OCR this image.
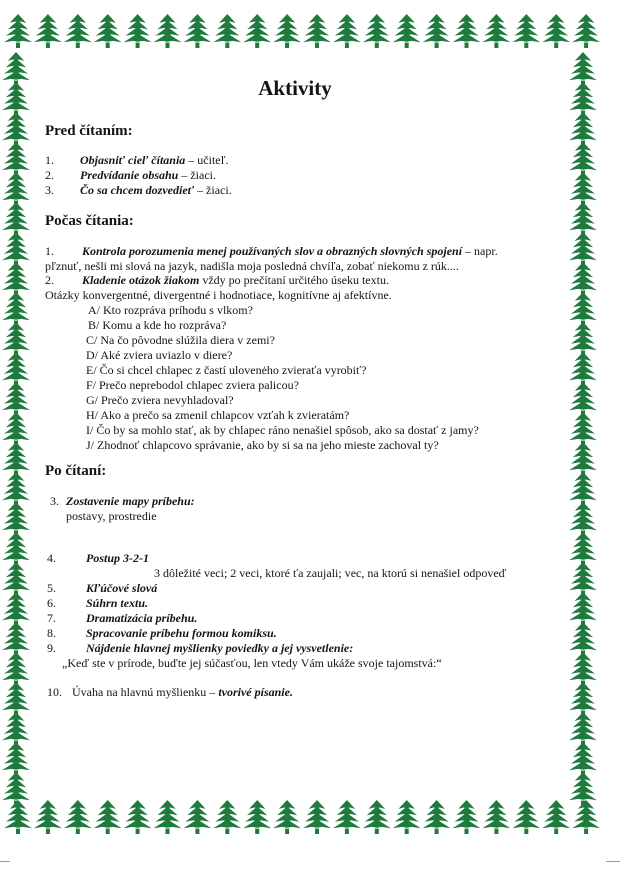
Aktivity
Pred čítaním:
1. Objasniť cieľ čítania – učiteľ.
2. Predvídanie obsahu – žiaci.
3. Čo sa chcem dozvedieť – žiaci.
Počas čítania:
1. Kontrola porozumenia menej používaných slov a obrazných slovných spojení – napr.
pľznuť, nešli mi slová na jazyk, nadišla moja posledná chvíľa, zobať niekomu z rúk....
2. Kladenie otázok žiakom vždy po prečítaní určitého úseku textu.
Otázky konvergentné, divergentné i hodnotiace, kognitívne aj afektívne.
A/ Kto rozpráva príhodu s vlkom?
B/ Komu a kde ho rozpráva?
C/ Na čo pôvodne slúžila diera v zemi?
D/ Aké zviera uviazlo v diere?
E/ Čo si chcel chlapec z častí ulovenėho zvieraťa vyrobiť?
F/ Prečo neprebodol chlapec zviera palicou?
G/ Prečo zviera nevyhladoval?
H/ Ako a prečo sa zmenil chlapcov vzťah k zvieratám?
I/ Čo by sa mohlo stať, ak by chlapec ráno nenašiel spôsob, ako sa dostať z jamy?
J/ Zhodnoť chlapcovo správanie, ako by si sa na jeho mieste zachoval ty?
Po čítaní:
3. Zostavenie mapy príbehu:
postavy, prostredie
4.	Postup 3-2-1
3 dôležité veci; 2 veci, ktoré ťa zaujali; vec, na ktorú si nenašiel odpoveď
5.	Kľúčové slová
6.	Súhrn textu.
7.	Dramatizácia príbehu.
8.	Spracovanie príbehu formou komiksu.
9.	Nájdenie hlavnej myšlienky poviedky a jej vysvetlenie:
„Keď ste v prírode, buďte jej súčasťou, len vtedy Vám ukáže svoje tajomstvá:“
10. Úvaha na hlavnú myšlienku – tvorivé písanie.
